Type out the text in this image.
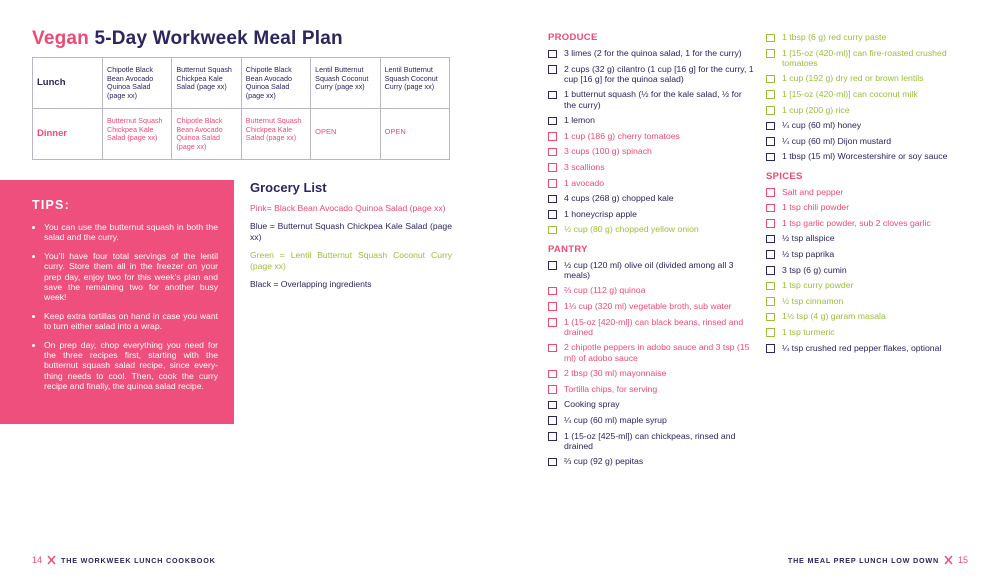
Vegan 5-Day Workweek Meal Plan
Lunch	Chipotle Black Bean Avocado Quinoa Salad (page xx)	Butternut Squash Chickpea Kale Salad (page xx)	Chipotle Black Bean Avocado Quinoa Salad (page xx)	Lentil Butternut Squash Coconut Curry (page xx)	Lentil Butternut Squash Coconut Curry (page xx)
Dinner	Butternut Squash Chickpea Kale Salad (page xx)	Chipotle Black Bean Avocado Quinoa Salad (page xx)	Butternut Squash Chickpea Kale Salad (page xx)	OPEN	OPEN
TIPS:
• You can use the butternut squash in both the salad and the curry.
• You’ll have four total servings of the lentil curry. Store them all in the freezer on your prep day, enjoy two for this week’s plan and save the remaining two for another busy week!
• Keep extra tortillas on hand in case you want to turn either salad into a wrap.
• On prep day, chop everything you need for the three recipes first, starting with the butternut squash salad recipe, since everything needs to cool. Then, cook the curry recipe and finally, the quinoa salad recipe.
Grocery List

Pink= Black Bean Avocado Quinoa Salad (page xx)

Blue = Butternut Squash Chickpea Kale Salad (page xx)

Green = Lentil Butternut Squash Coconut Curry (page xx)

Black = Overlapping ingredients

PRODUCE
3 limes (2 for the quinoa salad, 1 for the curry)
2 cups (32 g) cilantro (1 cup [16 g] for the curry, 1 cup [16 g] for the quinoa salad)
1 butternut squash (½ for the kale salad, ½ for the curry)
1 lemon
1 cup (186 g) cherry tomatoes
3 cups (100 g) spinach
3 scallions
1 avocado
4 cups (268 g) chopped kale
1 honeycrisp apple
½ cup (80 g) chopped yellow onion
PANTRY
½ cup (120 ml) olive oil (divided among all 3 meals)
⅔ cup (112 g) quinoa
1⅓ cup (320 ml) vegetable broth, sub water
1 (15-oz [420-ml]) can black beans, rinsed and drained
2 chipotle peppers in adobo sauce and 3 tsp (15 ml) of adobo sauce
2 tbsp (30 ml) mayonnaise
Tortilla chips, for serving
Cooking spray
¼ cup (60 ml) maple syrup
1 (15-oz [425-ml]) can chickpeas, rinsed and drained
⅔ cup (92 g) pepitas
1 tbsp (6 g) red curry paste
1 [15-oz (420-ml)] can fire-roasted crushed tomatoes
1 cup (192 g) dry red or brown lentils
1 [15-oz (420-ml)] can coconut milk
1 cup (200 g) rice
¼ cup (60 ml) honey
¼ cup (60 ml) Dijon mustard
1 tbsp (15 ml) Worcestershire or soy sauce
SPICES
Salt and pepper
1 tsp chili powder
1 tsp garlic powder, sub 2 cloves garlic
½ tsp allspice
½ tsp paprika
3 tsp (6 g) cumin
1 tsp curry powder
½ tsp cinnamon
1½ tsp (4 g) garam masala
1 tsp turmeric
¼ tsp crushed red pepper flakes, optional
14	THE WORKWEEK LUNCH COOKBOOK	THE MEAL PREP LUNCH LOW DOWN 15
